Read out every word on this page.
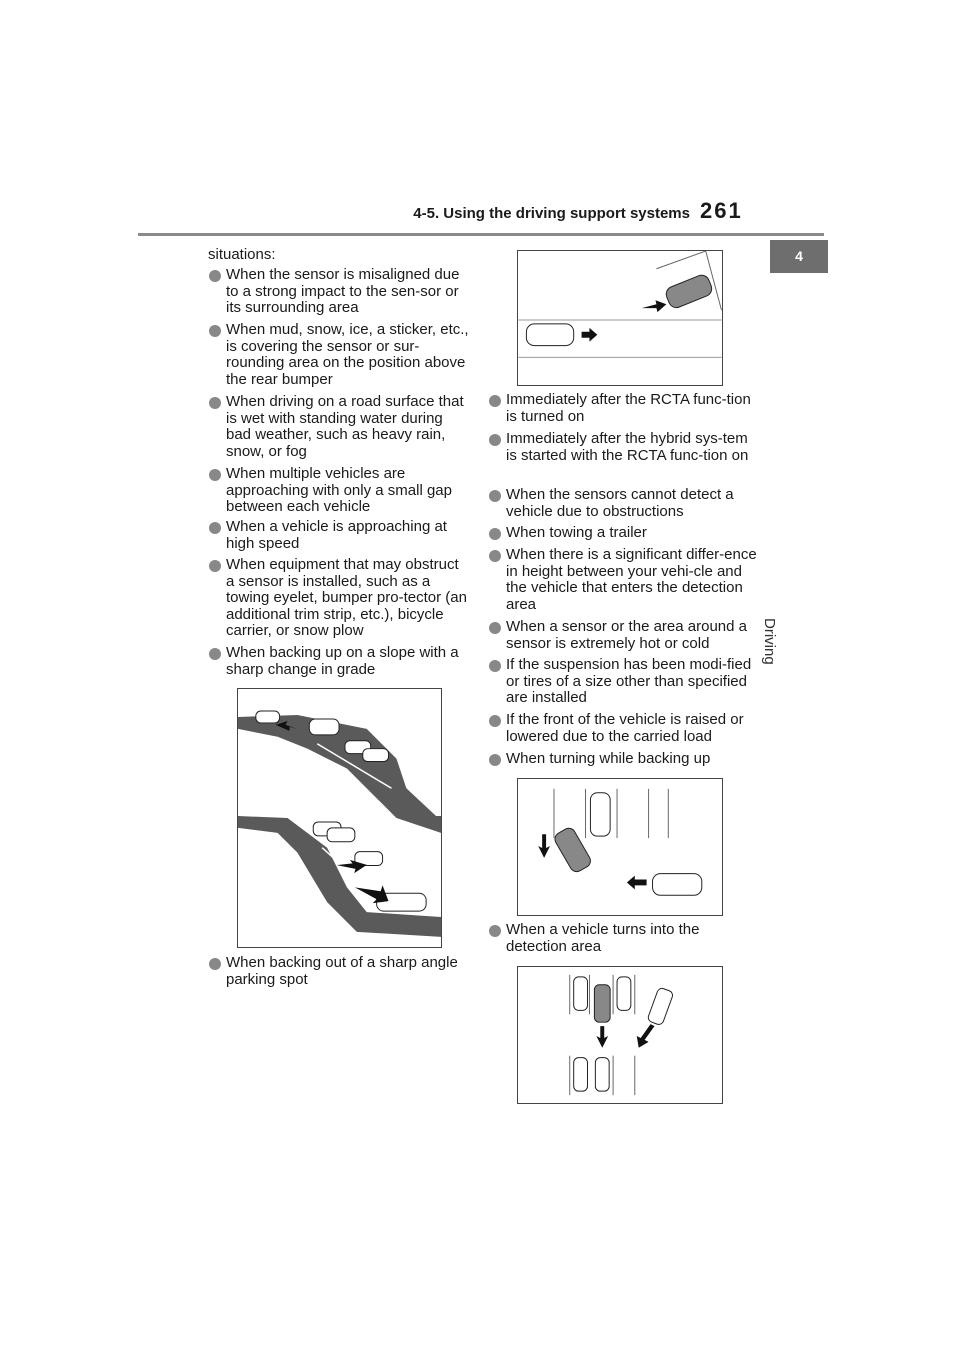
4-5. Using the driving support systems 261
4
Driving
situations:
When the sensor is misaligned due to a strong impact to the sen-sor or its surrounding area
When mud, snow, ice, a sticker, etc., is covering the sensor or sur-rounding area on the position above the rear bumper
When driving on a road surface that is wet with standing water during bad weather, such as heavy rain, snow, or fog
When multiple vehicles are approaching with only a small gap between each vehicle
When a vehicle is approaching at high speed
When equipment that may obstruct a sensor is installed, such as a towing eyelet, bumper pro-tector (an additional trim strip, etc.), bicycle carrier, or snow plow
When backing up on a slope with a sharp change in grade
When backing out of a sharp angle parking spot
Immediately after the RCTA func-tion is turned on
Immediately after the hybrid sys-tem is started with the RCTA func-tion on
When the sensors cannot detect a vehicle due to obstructions
When towing a trailer
When there is a significant differ-ence in height between your vehi-cle and the vehicle that enters the detection area
When a sensor or the area around a sensor is extremely hot or cold
If the suspension has been modi-fied or tires of a size other than specified are installed
If the front of the vehicle is raised or lowered due to the carried load
When turning while backing up
When a vehicle turns into the detection area
